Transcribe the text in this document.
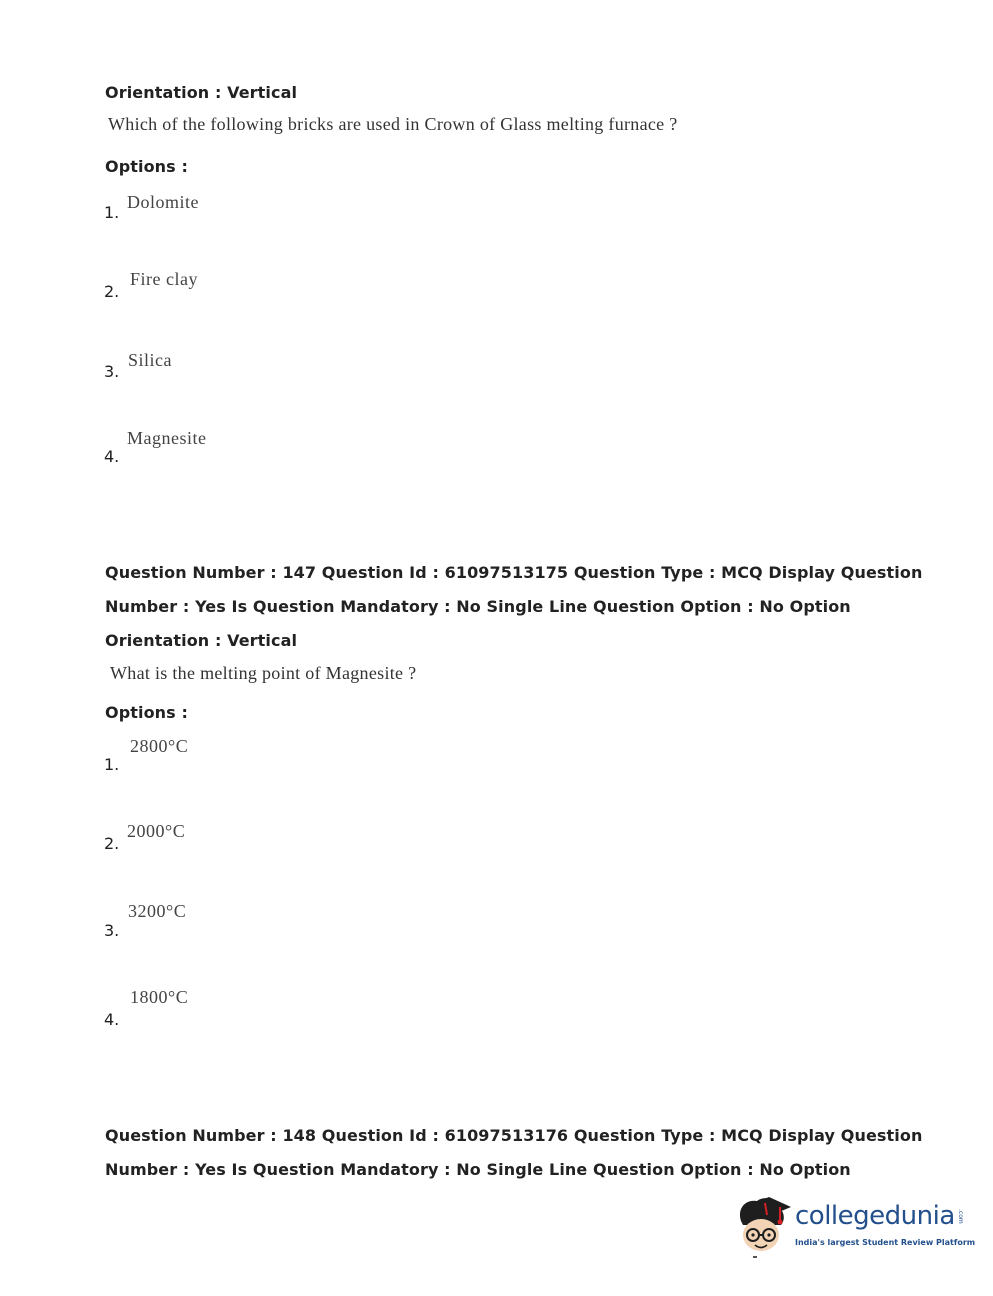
Orientation : Vertical
Which of the following bricks are used in Crown of Glass melting furnace ?
Options :
1.
Dolomite
2.
Fire clay
3.
Silica
4.
Magnesite
Question Number : 147 Question Id : 61097513175 Question Type : MCQ Display Question
Number : Yes Is Question Mandatory : No Single Line Question Option : No Option
Orientation : Vertical
What is the melting point of Magnesite ?
Options :
1.
2800°C
2.
2000°C
3.
3200°C
4.
1800°C
Question Number : 148 Question Id : 61097513176 Question Type : MCQ Display Question
Number : Yes Is Question Mandatory : No Single Line Question Option : No Option
collegedunia .com
India's largest Student Review Platform
